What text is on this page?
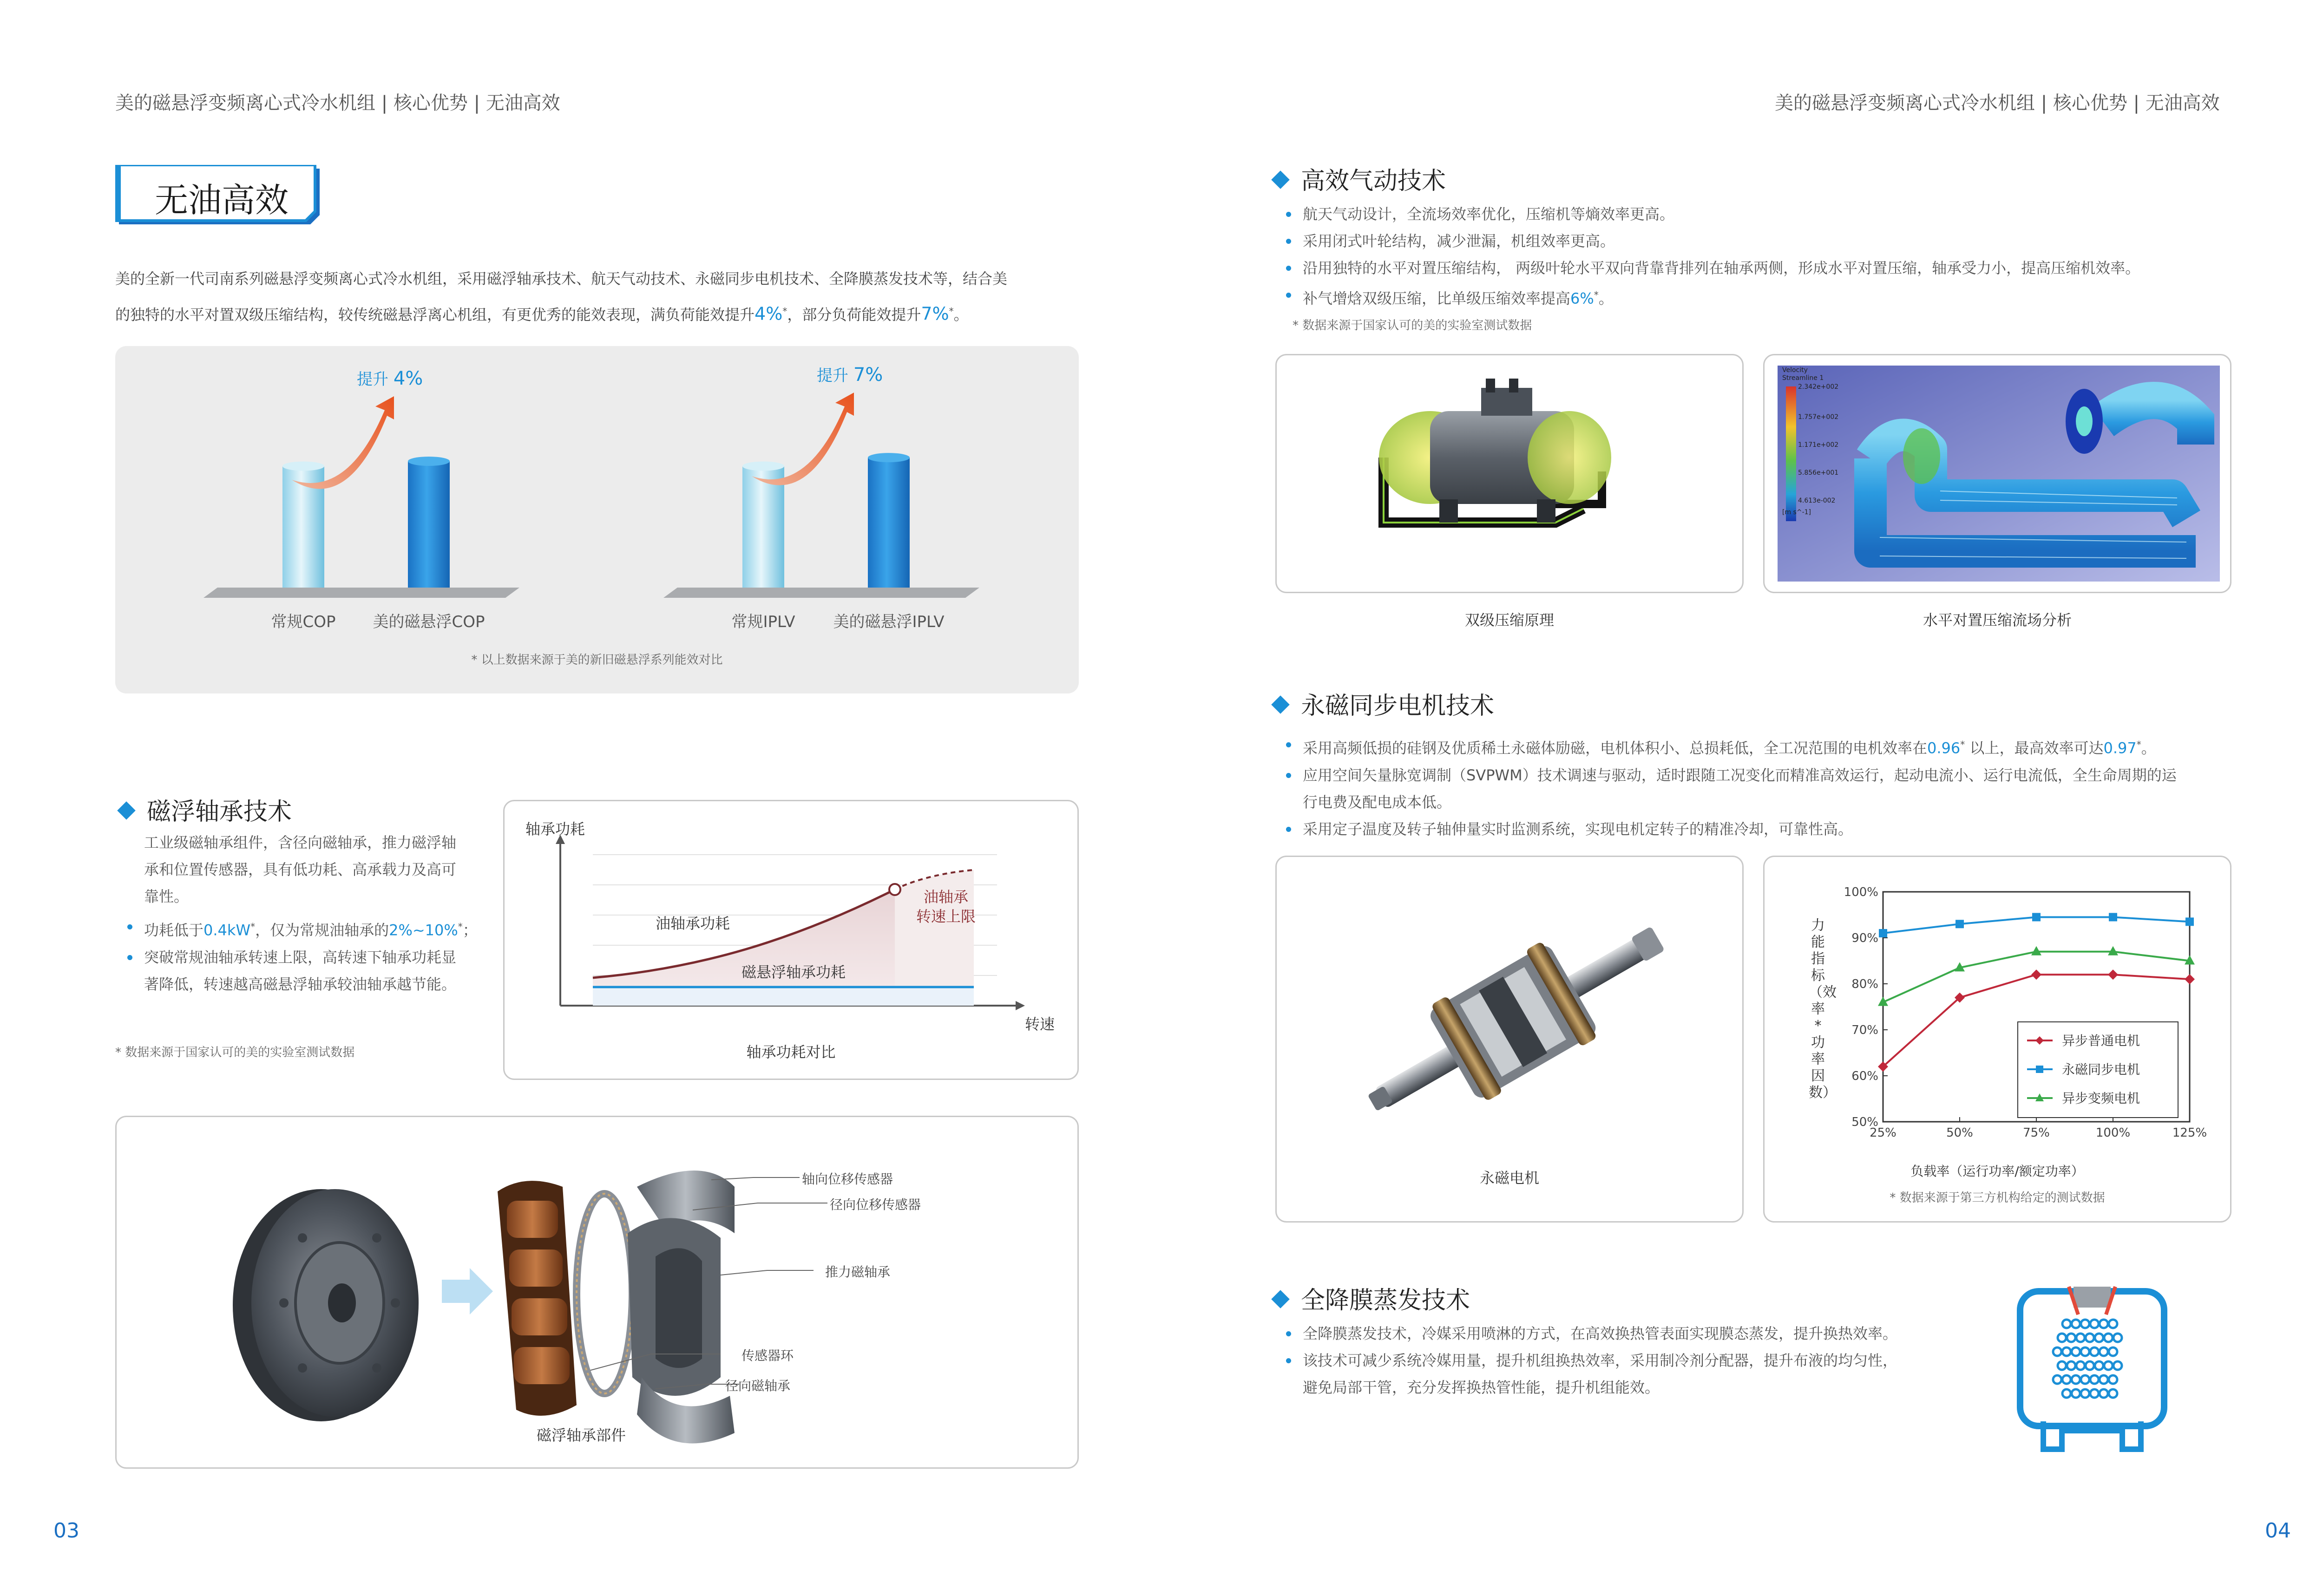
美的磁悬浮变频离心式冷水机组 | 核心优势 | 无油高效	美的磁悬浮变频离心式冷水机组 | 核心优势 | 无油高效
无油高效
美的全新一代司南系列磁悬浮变频离心式冷水机组，采用磁浮轴承技术、航天气动技术、永磁同步电机技术、全降膜蒸发技术等，结合美
的独特的水平对置双级压缩结构，较传统磁悬浮离心机组，有更优秀的能效表现，满负荷能效提升4%*，部分负荷能效提升7%*。
常规COP 美的磁悬浮COP
提升 4%
常规IPLV 美的磁悬浮IPLV
提升 7%
* 以上数据来源于美的新旧磁悬浮系列能效对比
磁浮轴承技术
工业级磁轴承组件，含径向磁轴承，推力磁浮轴
承和位置传感器，具有低功耗、高承载力及高可
靠性。
功耗低于0.4kW*，仅为常规油轴承的2%~10%*；
突破常规油轴承转速上限，高转速下轴承功耗显
著降低，转速越高磁悬浮轴承较油轴承越节能。
* 数据来源于国家认可的美的实验室测试数据
轴承功耗
转速
油轴承功耗
磁悬浮轴承功耗
油轴承
转速上限
轴承功耗对比
轴向位移传感器
径向位移传感器
推力磁轴承
传感器环
径向磁轴承
磁浮轴承部件
03
高效气动技术
航天气动设计，全流场效率优化，压缩机等熵效率更高。
采用闭式叶轮结构，减少泄漏，机组效率更高。
沿用独特的水平对置压缩结构， 两级叶轮水平双向背靠背排列在轴承两侧，形成水平对置压缩，轴承受力小，提高压缩机效率。
补气增焓双级压缩，比单级压缩效率提高6%*。
* 数据来源于国家认可的美的实验室测试数据
双级压缩原理
Velocity
Streamline 1
2.342e+002
1.757e+002
1.171e+002
5.856e+001
4.613e-002
[m s^-1]
水平对置压缩流场分析
永磁同步电机技术
采用高频低损的硅钢及优质稀土永磁体励磁，电机体积小、总损耗低，全工况范围的电机效率在0.96* 以上，最高效率可达0.97*。
应用空间矢量脉宽调制（SVPWM）技术调速与驱动，适时跟随工况变化而精准高效运行，起动电流小、运行电流低，全生命周期的运
行电费及配电成本低。
采用定子温度及转子轴伸量实时监测系统，实现电机定转子的精准冷却，可靠性高。
永磁电机
50%
60%
70%
80%
90%
100%
25%	50%	75%	100%	125%
异步普通电机
永磁同步电机
异步变频电机
负载率（运行功率/额定功率）
力能指标（效率*功率因数）
* 数据来源于第三方机构给定的测试数据
全降膜蒸发技术
全降膜蒸发技术，冷媒采用喷淋的方式，在高效换热管表面实现膜态蒸发，提升换热效率。
该技术可减少系统冷媒用量，提升机组换热效率，采用制冷剂分配器，提升布液的均匀性，
避免局部干管，充分发挥换热管性能，提升机组能效。
04
